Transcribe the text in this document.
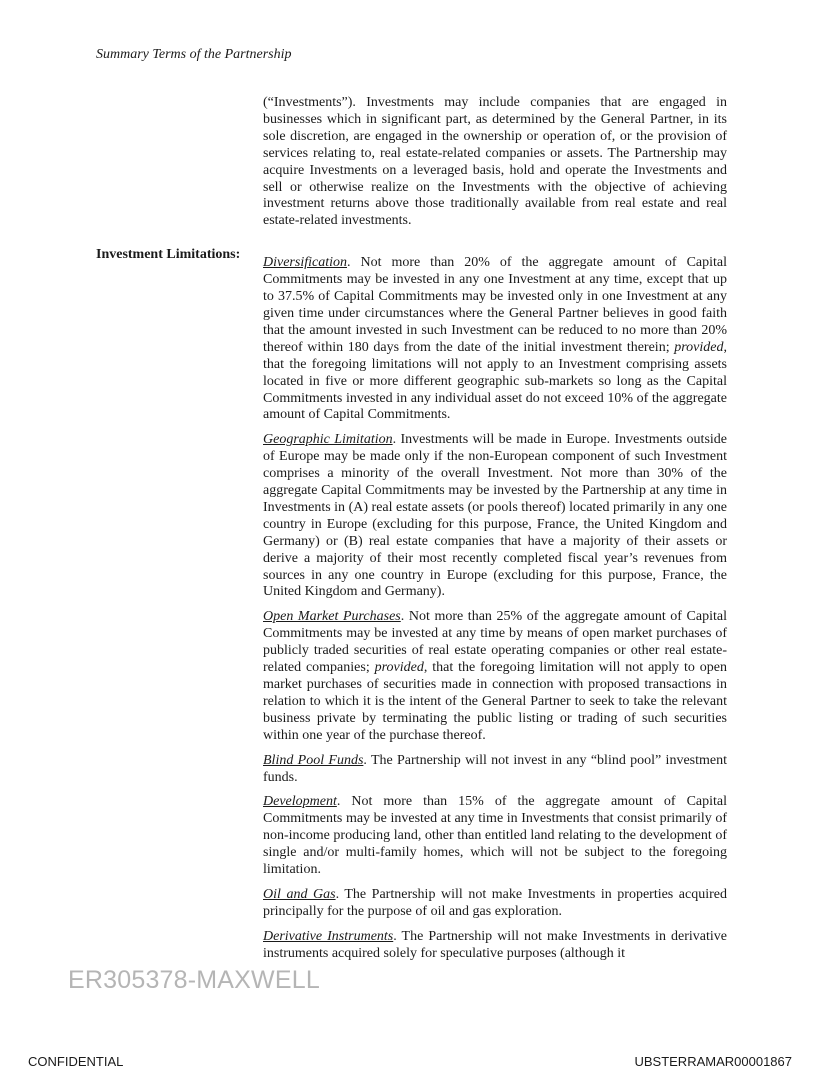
Summary Terms of the Partnership
Investment Limitations:

(“Investments”). Investments may include companies that are engaged in businesses which in significant part, as determined by the General Partner, in its sole discretion, are engaged in the ownership or operation of, or the provision of services relating to, real estate-related companies or assets. The Partnership may acquire Investments on a leveraged basis, hold and operate the Investments and sell or otherwise realize on the Investments with the objective of achieving investment returns above those traditionally available from real estate and real estate-related investments.

Diversification. Not more than 20% of the aggregate amount of Capital Commitments may be invested in any one Investment at any time, except that up to 37.5% of Capital Commitments may be invested only in one Investment at any given time under circumstances where the General Partner believes in good faith that the amount invested in such Investment can be reduced to no more than 20% thereof within 180 days from the date of the initial investment therein; provided, that the foregoing limitations will not apply to an Investment comprising assets located in five or more different geographic sub-markets so long as the Capital Commitments invested in any individual asset do not exceed 10% of the aggregate amount of Capital Commitments.

Geographic Limitation. Investments will be made in Europe. Investments outside of Europe may be made only if the non-European component of such Investment comprises a minority of the overall Investment. Not more than 30% of the aggregate Capital Commitments may be invested by the Partnership at any time in Investments in (A) real estate assets (or pools thereof) located primarily in any one country in Europe (excluding for this purpose, France, the United Kingdom and Germany) or (B) real estate companies that have a majority of their assets or derive a majority of their most recently completed fiscal year’s revenues from sources in any one country in Europe (excluding for this purpose, France, the United Kingdom and Germany).

Open Market Purchases. Not more than 25% of the aggregate amount of Capital Commitments may be invested at any time by means of open market purchases of publicly traded securities of real estate operating companies or other real estate-related companies; provided, that the foregoing limitation will not apply to open market purchases of securities made in connection with proposed transactions in relation to which it is the intent of the General Partner to seek to take the relevant business private by terminating the public listing or trading of such securities within one year of the purchase thereof.

Blind Pool Funds. The Partnership will not invest in any “blind pool” investment funds.

Development. Not more than 15% of the aggregate amount of Capital Commitments may be invested at any time in Investments that consist primarily of non-income producing land, other than entitled land relating to the development of single and/or multi-family homes, which will not be subject to the foregoing limitation.

Oil and Gas. The Partnership will not make Investments in properties acquired principally for the purpose of oil and gas exploration.

Derivative Instruments. The Partnership will not make Investments in derivative instruments acquired solely for speculative purposes (although it

ER305378-MAXWELL
CONFIDENTIAL	UBSTERRAMAR00001867
